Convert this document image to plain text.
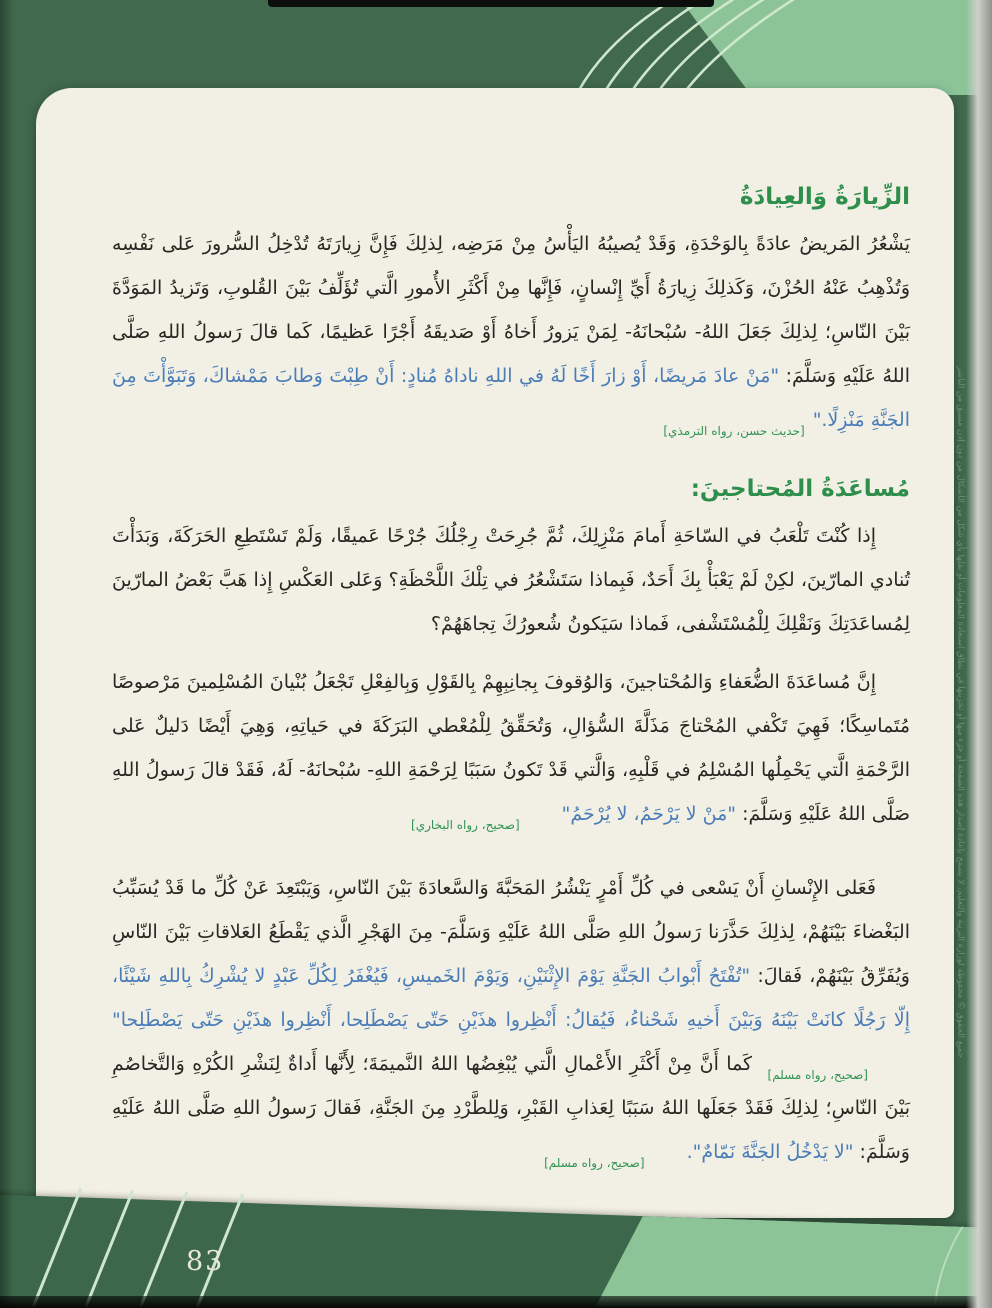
الزِّيارَةُ وَالعِيادَةُ

يَشْعُرُ المَريضُ عادَةً بِالوَحْدَةِ، وَقَدْ يُصيبُهُ اليَأْسُ مِنْ مَرَضِه، لِذلِكَ فَإِنَّ زِيارَتَهُ تُدْخِلُ السُّرورَ عَلى نَفْسِه وَتُذْهِبُ عَنْهُ الحُزْنَ، وَكَذلِكَ زِيارَةُ أَيِّ إِنْسانٍ، فَإِنَّها مِنْ أَكْثَرِ الأُمورِ الَّتي تُؤَلِّفُ بَيْنَ القُلوبِ، وَتَزيدُ المَوَدَّةَ بَيْنَ النّاسِ؛ لِذلِكَ جَعَلَ اللهُ- سُبْحانَهُ- لِمَنْ يَزورُ أَخاهُ أَوْ صَديقَهُ أَجْرًا عَظيمًا، كَما قالَ رَسولُ اللهِ صَلَّى اللهُ عَلَيْهِ وَسَلَّمَ: "مَنْ عادَ مَريضًا، أَوْ زارَ أَخًا لَهُ في اللهِ ناداهُ مُنادٍ: أَنْ طِبْتَ وَطابَ مَمْشاكَ، وَتَبَوَّأْتَ مِنَ الجَنَّةِ مَنْزِلًا."[حديث حسن، رواه الترمذي]

مُساعَدَةُ المُحتاجينَ:

إِذا كُنْتَ تَلْعَبُ في السّاحَةِ أَمامَ مَنْزِلِكَ، ثُمَّ جُرِحَتْ رِجْلُكَ جُرْحًا عَميقًا، وَلَمْ تَسْتَطِعِ الحَرَكَةَ، وَبَدَأْتَ تُنادي المارّينَ، لكِنْ لَمْ يَعْبَأْ بِكَ أَحَدٌ، فَبِماذا سَتَشْعُرُ في تِلْكَ اللَّحْظَةِ؟ وَعَلى العَكْسِ إِذا هَبَّ بَعْضُ المارّينَ لِمُساعَدَتِكَ وَنَقْلِكَ لِلْمُسْتَشْفى، فَماذا سَيَكونُ شُعورُكَ تِجاهَهُمْ؟

إِنَّ مُساعَدَةَ الضُّعَفاءِ وَالمُحْتاجينَ، وَالوُقوفَ بِجانِبِهِمْ بِالقَوْلِ وَبِالفِعْلِ تَجْعَلُ بُنْيانَ المُسْلِمينَ مَرْصوصًا مُتَماسِكًا؛ فَهِيَ تَكْفي المُحْتاجَ مَذَلَّةَ السُّؤالِ، وَتُحَقِّقُ لِلْمُعْطي البَرَكَةَ في حَياتِهِ، وَهِيَ أَيْضًا دَليلٌ عَلى الرَّحْمَةِ الَّتي يَحْمِلُها المُسْلِمُ في قَلْبِهِ، وَالَّتي قَدْ تَكونُ سَبَبًا لِرَحْمَةِ اللهِ- سُبْحانَهُ- لَهُ، فَقَدْ قالَ رَسولُ اللهِ صَلَّى اللهُ عَلَيْهِ وَسَلَّمَ: "مَنْ لا يَرْحَمُ، لا يُرْحَمُ"[صحيح، رواه البخاري]

فَعَلى الإِنْسانِ أَنْ يَسْعى في كُلِّ أَمْرٍ يَنْشُرُ المَحَبَّةَ وَالسَّعادَةَ بَيْنَ النّاسِ، وَيَبْتَعِدَ عَنْ كُلِّ ما قَدْ يُسَبِّبُ البَغْضاءَ بَيْنَهُمْ، لِذلِكَ حَذَّرَنا رَسولُ اللهِ صَلَّى اللهُ عَلَيْهِ وَسَلَّمَ- مِنَ الهَجْرِ الَّذي يَقْطَعُ العَلاقاتِ بَيْنَ النّاسِ وَيُفَرِّقُ بَيْنَهُمْ، فَقالَ: "تُفْتَحُ أَبْوابُ الجَنَّةِ يَوْمَ الإِثْنَيْنِ، وَيَوْمَ الخَميسِ، فَيُغْفَرُ لِكُلِّ عَبْدٍ لا يُشْرِكُ بِاللهِ شَيْئًا، إِلّا رَجُلًا كانَتْ بَيْنَهُ وَبَيْنَ أَخيهِ شَحْناءُ، فَيُقالُ: أَنْظِروا هذَيْنِ حَتّى يَصْطَلِحا، أَنْظِروا هذَيْنِ حَتّى يَصْطَلِحا"[صحيح، رواه مسلم] كَما أَنَّ مِنْ أَكْثَرِ الأَعْمالِ الَّتي يُبْغِضُها اللهُ النَّميمَةَ؛ لِأَنَّها أَداةٌ لِنَشْرِ الكُرْهِ وَالتَّخاصُمِ بَيْنَ النّاسِ؛ لِذلِكَ فَقَدْ جَعَلَها اللهُ سَبَبًا لِعَذابِ القَبْرِ، وَلِلطَّرْدِ مِنَ الجَنَّةِ، فَقالَ رَسولُ اللهِ صَلَّى اللهُ عَلَيْهِ وَسَلَّمَ: "لا يَدْخُلُ الجَنَّةَ نَمّامٌ".[صحيح، رواه مسلم]

83
جميع الحقوق © محفوظة لوزارة التربية والتعليم، لا يسمح بإعادة إصدار هذه الصفحة أو جزء منها أو تخزينها في نطاق استعادة المعلومات أو نقلها بأي شكل من الأشكال من دون إذن مسبق من الناشر
